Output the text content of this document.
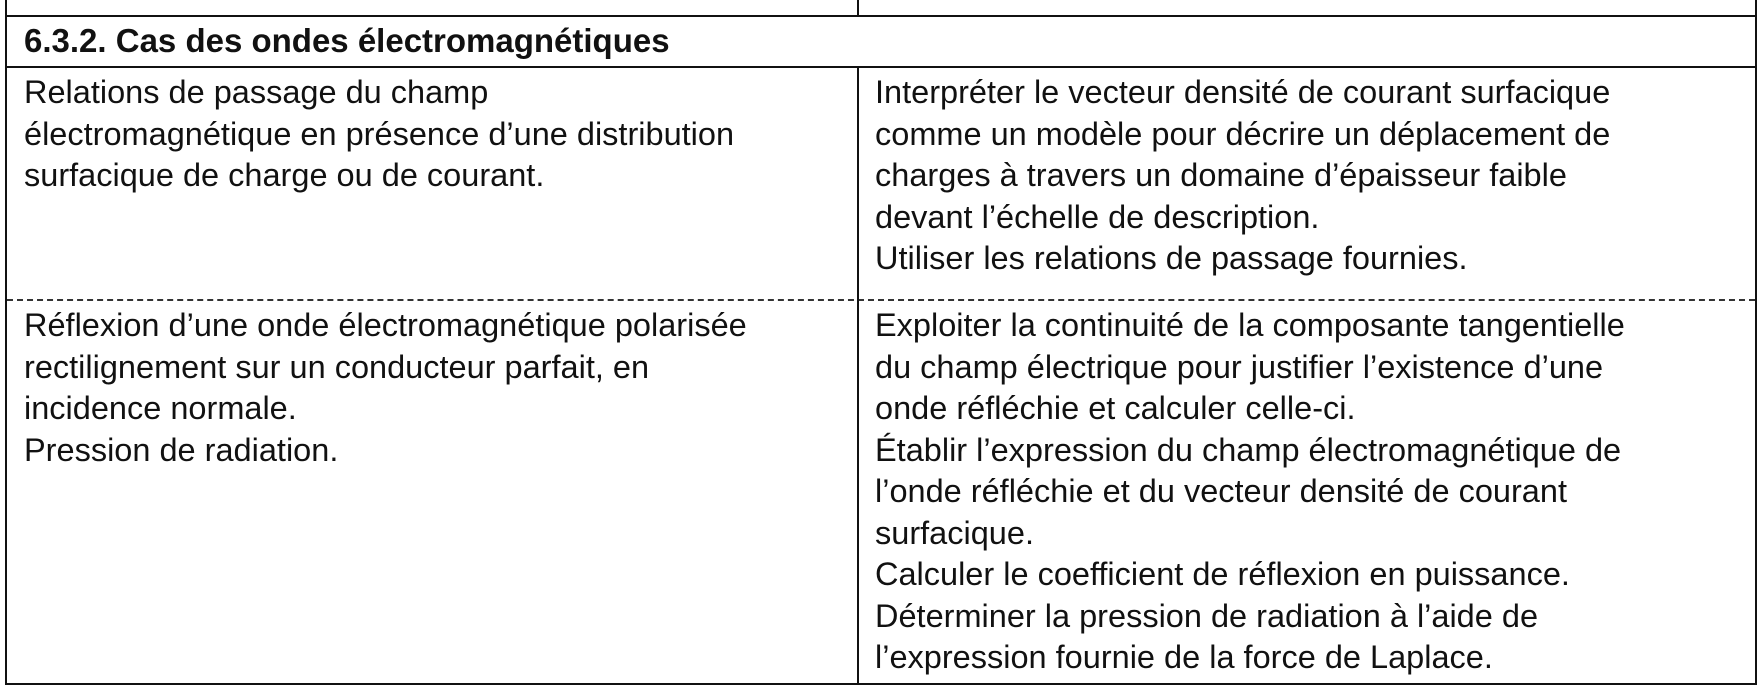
6.3.2. Cas des ondes électromagnétiques
Relations de passage du champ
électromagnétique en présence d’une distribution
surfacique de charge ou de courant.
Interpréter le vecteur densité de courant surfacique
comme un modèle pour décrire un déplacement de
charges à travers un domaine d’épaisseur faible
devant l’échelle de description.
Utiliser les relations de passage fournies.
Réflexion d’une onde électromagnétique polarisée
rectilignement sur un conducteur parfait, en
incidence normale.
Pression de radiation.
Exploiter la continuité de la composante tangentielle
du champ électrique pour justifier l’existence d’une
onde réfléchie et calculer celle-ci.
Établir l’expression du champ électromagnétique de
l’onde réfléchie et du vecteur densité de courant
surfacique.
Calculer le coefficient de réflexion en puissance.
Déterminer la pression de radiation à l’aide de
l’expression fournie de la force de Laplace.
